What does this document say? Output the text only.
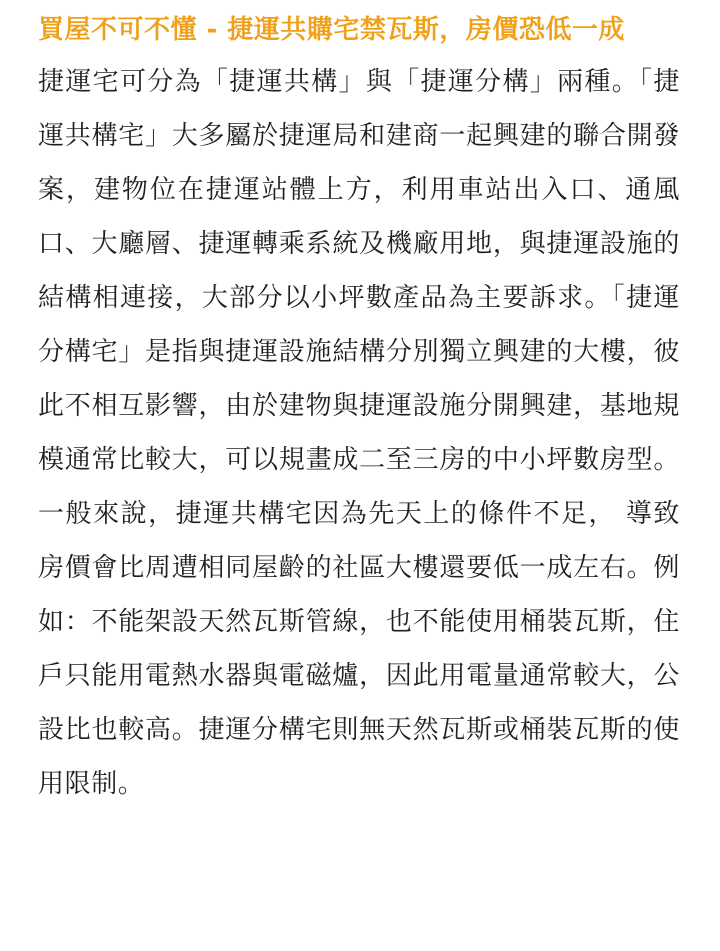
買屋不可不懂 - 捷運共購宅禁瓦斯，房價恐低一成

捷運宅可分為「捷運共構」與「捷運分構」兩種。「捷運共構宅」大多屬於捷運局和建商一起興建的聯合開發案，建物位在捷運站體上方，利用車站出入口、通風口、大廳層、捷運轉乘系統及機廠用地，與捷運設施的結構相連接，大部分以小坪數產品為主要訴求。「捷運分構宅」是指與捷運設施結構分別獨立興建的大樓，彼此不相互影響，由於建物與捷運設施分開興建，基地規模通常比較大，可以規畫成二至三房的中小坪數房型。一般來說，捷運共構宅因為先天上的條件不足， 導致房價會比周遭相同屋齡的社區大樓還要低一成左右。例如：不能架設天然瓦斯管線，也不能使用桶裝瓦斯，住戶只能用電熱水器與電磁爐，因此用電量通常較大，公設比也較高。捷運分構宅則無天然瓦斯或桶裝瓦斯的使用限制。
